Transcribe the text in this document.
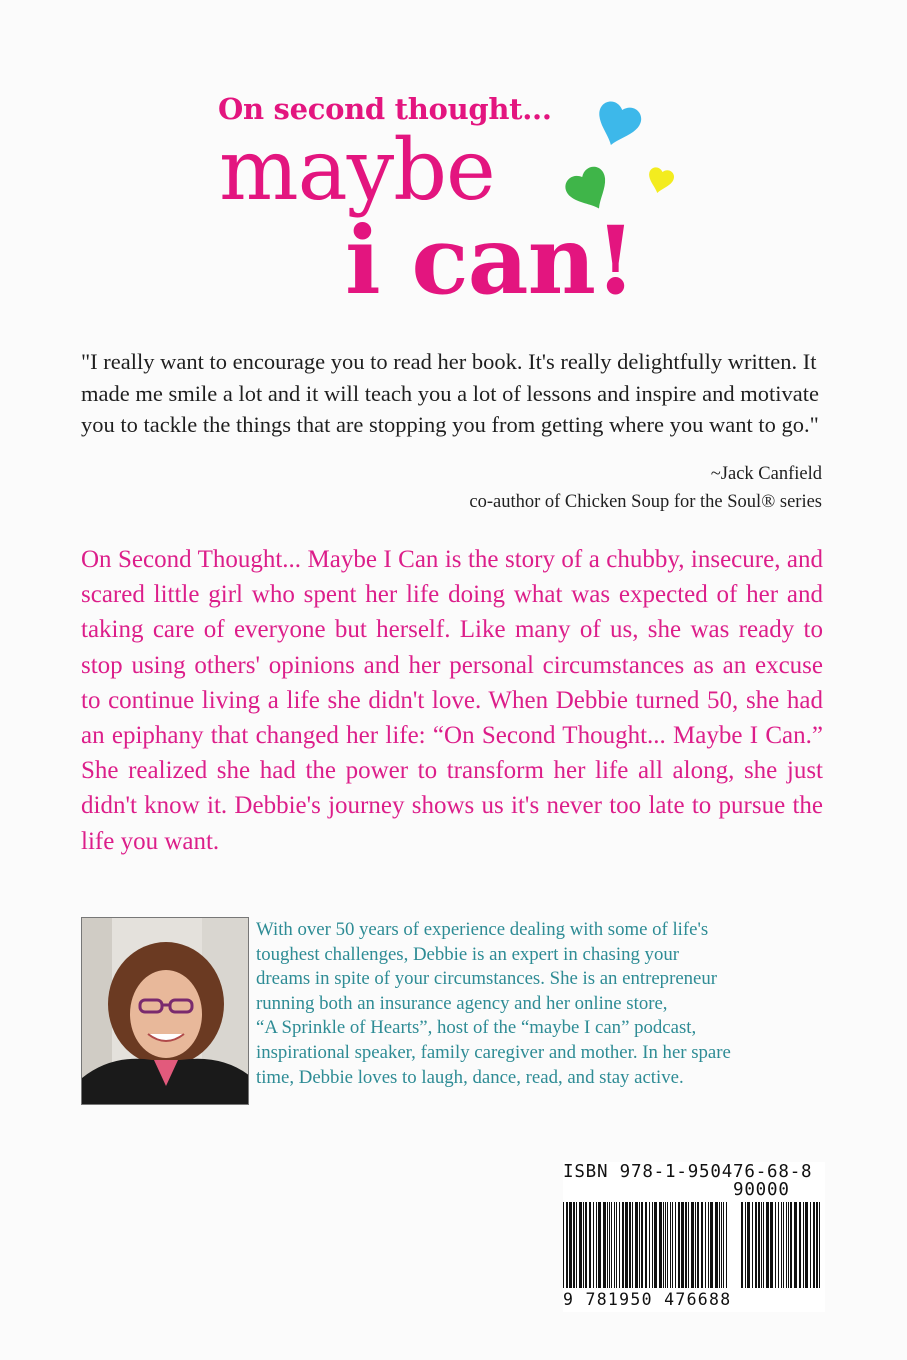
On second thought...
maybe
i can!

"I really want to encourage you to read her book. It's really delightfully written. It made me smile a lot and it will teach you a lot of lessons and inspire and motivate you to tackle the things that are stopping you from getting where you want to go."

~Jack Canfield
co-author of Chicken Soup for the Soul® series

On Second Thought... Maybe I Can is the story of a chubby, insecure, and scared little girl who spent her life doing what was expected of her and taking care of everyone but herself. Like many of us, she was ready to stop using others' opinions and her personal circumstances as an excuse to continue living a life she didn't love. When Debbie turned 50, she had an epiphany that changed her life: “On Second Thought... Maybe I Can.” She realized she had the power to transform her life all along, she just didn't know it. Debbie's journey shows us it's never too late to pursue the life you want.

With over 50 years of experience dealing with some of life's
toughest challenges, Debbie is an expert in chasing your
dreams in spite of your circumstances. She is an entrepreneur
running both an insurance agency and her online store,
“A Sprinkle of Hearts”, host of the “maybe I can” podcast,
inspirational speaker, family caregiver and mother. In her spare
time, Debbie loves to laugh, dance, read, and stay active.

ISBN 978-1-950476-68-8
90000
9 781950 476688
